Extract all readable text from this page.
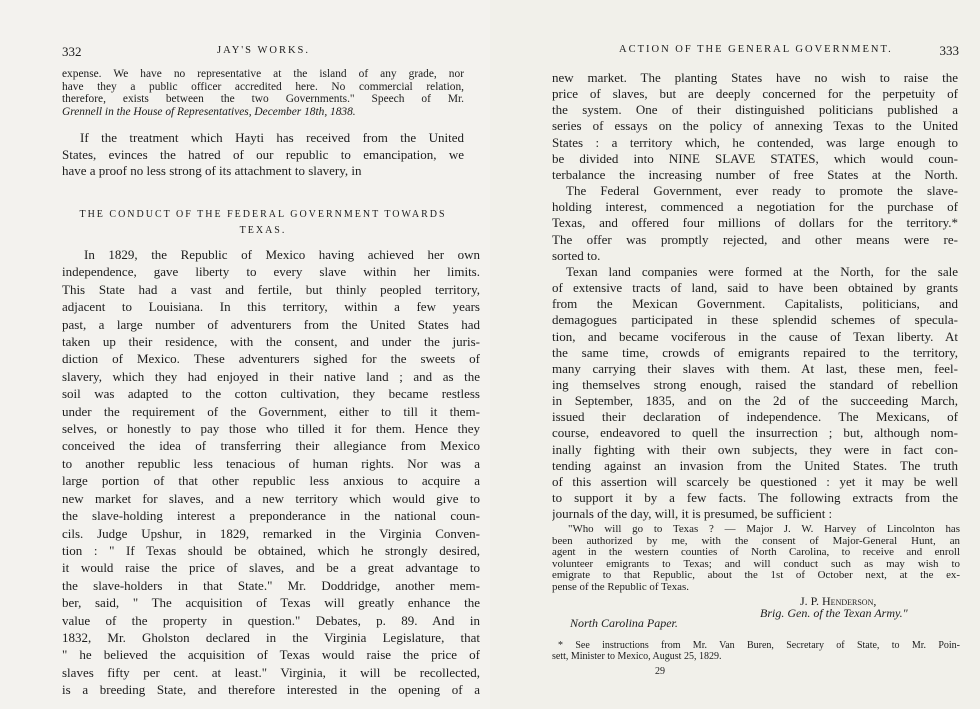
332	JAY'S WORKS.
expense. We have no representative at the island of any grade, nor
have they a public officer accredited here. No commercial relation,
therefore, exists between the two Governments." Speech of Mr.
Grennell in the House of Representatives, December 18th, 1838.
If the treatment which Hayti has received from the United
States, evinces the hatred of our republic to emancipation, we
have a proof no less strong of its attachment to slavery, in
THE CONDUCT OF THE FEDERAL GOVERNMENT TOWARDS
TEXAS.
In 1829, the Republic of Mexico having achieved her own
independence, gave liberty to every slave within her limits.
This State had a vast and fertile, but thinly peopled territory,
adjacent to Louisiana. In this territory, within a few years
past, a large number of adventurers from the United States had
taken up their residence, with the consent, and under the juris-
diction of Mexico. These adventurers sighed for the sweets of
slavery, which they had enjoyed in their native land ; and as the
soil was adapted to the cotton cultivation, they became restless
under the requirement of the Government, either to till it them-
selves, or honestly to pay those who tilled it for them. Hence they
conceived the idea of transferring their allegiance from Mexico
to another republic less tenacious of human rights. Nor was a
large portion of that other republic less anxious to acquire a
new market for slaves, and a new territory which would give to
the slave-holding interest a preponderance in the national coun-
cils. Judge Upshur, in 1829, remarked in the Virginia Conven-
tion : " If Texas should be obtained, which he strongly desired,
it would raise the price of slaves, and be a great advantage to
the slave-holders in that State." Mr. Doddridge, another mem-
ber, said, " The acquisition of Texas will greatly enhance the
value of the property in question." Debates, p. 89. And in
1832, Mr. Gholston declared in the Virginia Legislature, that
" he believed the acquisition of Texas would raise the price of
slaves fifty per cent. at least." Virginia, it will be recollected,
is a breeding State, and therefore interested in the opening of a
ACTION OF THE GENERAL GOVERNMENT.	333
new market. The planting States have no wish to raise the
price of slaves, but are deeply concerned for the perpetuity of
the system. One of their distinguished politicians published a
series of essays on the policy of annexing Texas to the United
States : a territory which, he contended, was large enough to
be divided into NINE SLAVE STATES, which would coun-
terbalance the increasing number of free States at the North.
The Federal Government, ever ready to promote the slave-
holding interest, commenced a negotiation for the purchase of
Texas, and offered four millions of dollars for the territory.*
The offer was promptly rejected, and other means were re-
sorted to.
Texan land companies were formed at the North, for the sale
of extensive tracts of land, said to have been obtained by grants
from the Mexican Government. Capitalists, politicians, and
demagogues participated in these splendid schemes of specula-
tion, and became vociferous in the cause of Texan liberty. At
the same time, crowds of emigrants repaired to the territory,
many carrying their slaves with them. At last, these men, feel-
ing themselves strong enough, raised the standard of rebellion
in September, 1835, and on the 2d of the succeeding March,
issued their declaration of independence. The Mexicans, of
course, endeavored to quell the insurrection ; but, although nom-
inally fighting with their own subjects, they were in fact con-
tending against an invasion from the United States. The truth
of this assertion will scarcely be questioned : yet it may be well
to support it by a few facts. The following extracts from the
journals of the day, will, it is presumed, be sufficient :
"Who will go to Texas ? — Major J. W. Harvey of Lincolnton has
been authorized by me, with the consent of Major-General Hunt, an
agent in the western counties of North Carolina, to receive and enroll
volunteer emigrants to Texas; and will conduct such as may wish to
emigrate to that Republic, about the 1st of October next, at the ex-
pense of the Republic of Texas.
J. P. Henderson,
Brig. Gen. of the Texan Army."
North Carolina Paper.
* See instructions from Mr. Van Buren, Secretary of State, to Mr. Poin-
sett, Minister to Mexico, August 25, 1829.
29
